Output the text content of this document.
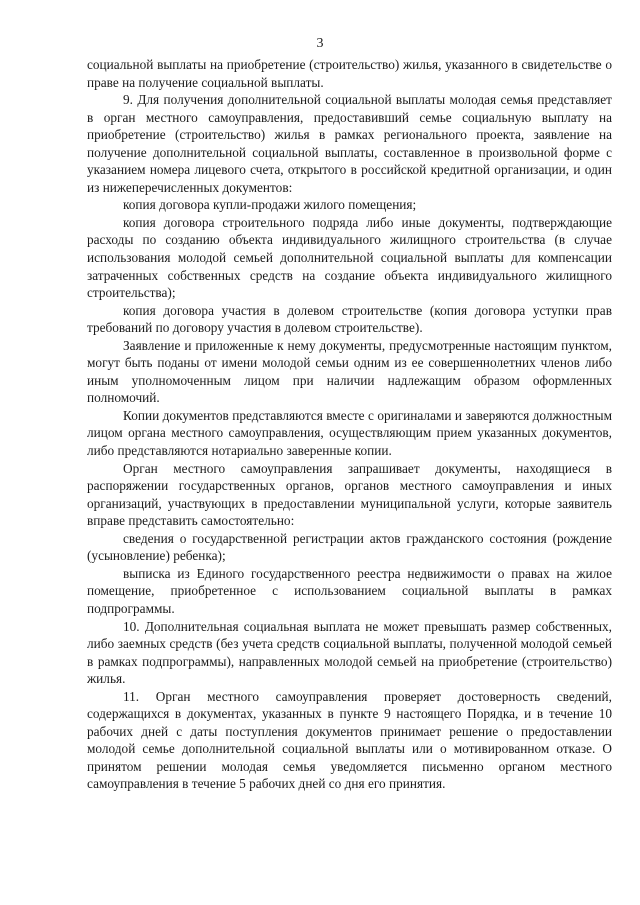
3

социальной выплаты на приобретение (строительство) жилья, указанного в свидетельстве о праве на получение социальной выплаты.

9. Для получения дополнительной социальной выплаты молодая семья представляет в орган местного самоуправления, предоставивший семье социальную выплату на приобретение (строительство) жилья в рамках регионального проекта, заявление на получение дополнительной социальной выплаты, составленное в произвольной форме с указанием номера лицевого счета, открытого в российской кредитной организации, и один из нижеперечисленных документов:

копия договора купли-продажи жилого помещения;

копия договора строительного подряда либо иные документы, подтверждающие расходы по созданию объекта индивидуального жилищного строительства (в случае использования молодой семьей дополнительной социальной выплаты для компенсации затраченных собственных средств на создание объекта индивидуального жилищного строительства);

копия договора участия в долевом строительстве (копия договора уступки прав требований по договору участия в долевом строительстве).

Заявление и приложенные к нему документы, предусмотренные настоящим пунктом, могут быть поданы от имени молодой семьи одним из ее совершеннолетних членов либо иным уполномоченным лицом при наличии надлежащим образом оформленных полномочий.

Копии документов представляются вместе с оригиналами и заверяются должностным лицом органа местного самоуправления, осуществляющим прием указанных документов, либо представляются нотариально заверенные копии.

Орган местного самоуправления запрашивает документы, находящиеся в распоряжении государственных органов, органов местного самоуправления и иных организаций, участвующих в предоставлении муниципальной услуги, которые заявитель вправе представить самостоятельно:

сведения о государственной регистрации актов гражданского состояния (рождение (усыновление) ребенка);

выписка из Единого государственного реестра недвижимости о правах на жилое помещение, приобретенное с использованием социальной выплаты в рамках подпрограммы.

10. Дополнительная социальная выплата не может превышать размер собственных, либо заемных средств (без учета средств социальной выплаты, полученной молодой семьей в рамках подпрограммы), направленных молодой семьей на приобретение (строительство) жилья.

11. Орган местного самоуправления проверяет достоверность сведений, содержащихся в документах, указанных в пункте 9 настоящего Порядка, и в течение 10 рабочих дней с даты поступления документов принимает решение о предоставлении молодой семье дополнительной социальной выплаты или о мотивированном отказе. О принятом решении молодая семья уведомляется письменно органом местного самоуправления в течение 5 рабочих дней со дня его принятия.
